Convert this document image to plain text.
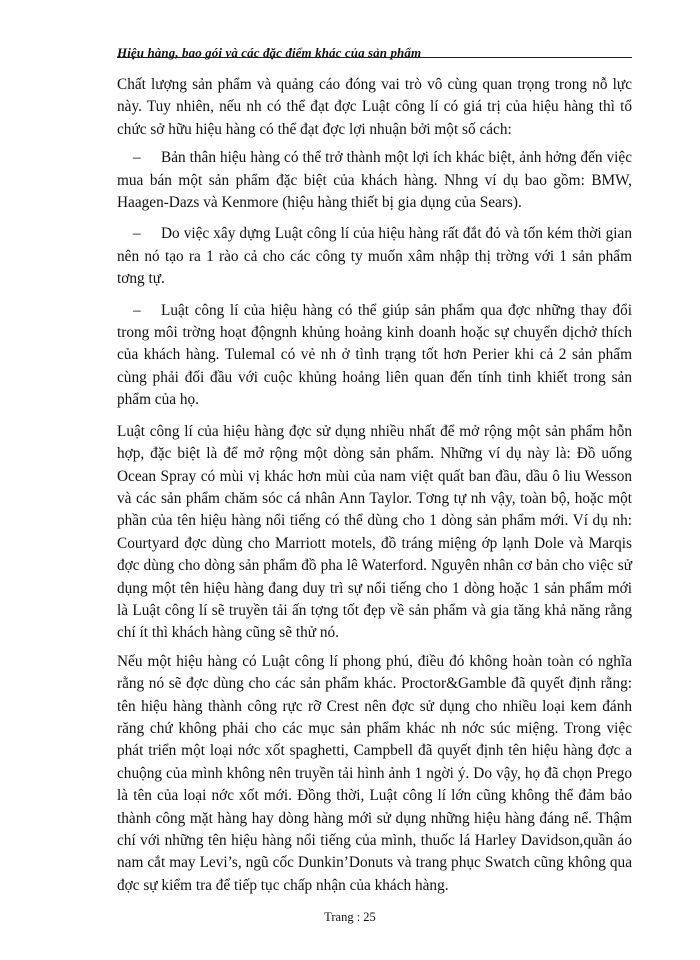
Hiệu hàng, bao gói và các đặc điểm khác của sản phẩm

Chất lượng sản phẩm và quảng cáo đóng vai trò vô cùng quan trọng trong nỗ lực này. Tuy nhiên, nếu nh có thể đạt đợc Luật công lí có giá trị của hiệu hàng thì tổ chức sở hữu hiệu hàng có thể đạt đợc lợi nhuận bởi một số cách:

– Bản thân hiệu hàng có thể trở thành một lợi ích khác biệt, ảnh hởng đến việc mua bán một sản phẩm đặc biệt của khách hàng. Nhng ví dụ bao gồm: BMW, Haagen-Dazs và Kenmore (hiệu hàng thiết bị gia dụng của Sears).

– Do việc xây dựng Luật công lí của hiệu hàng rất đắt đỏ và tốn kém thời gian nên nó tạo ra 1 rào cả cho các công ty muốn xâm nhập thị trờng với 1 sản phẩm tơng tự.

– Luật công lí của hiệu hàng có thể giúp sản phẩm qua đợc những thay đổi trong môi trờng hoạt độngnh khủng hoảng kinh doanh hoặc sự chuyển dịchở thích của khách hàng. Tulemal có vẻ nh ở tình trạng tốt hơn Perier khi cả 2 sản phẩm cùng phải đối đầu với cuộc khủng hoảng liên quan đến tính tinh khiết trong sản phẩm của họ.

Luật công lí của hiệu hàng đợc sử dụng nhiều nhất để mở rộng một sản phẩm hỗn hợp, đặc biệt là để mở rộng một dòng sản phẩm. Những ví dụ này là: Đồ uống Ocean Spray có mùi vị khác hơn mùi của nam việt quất ban đầu, dầu ô liu Wesson và các sản phẩm chăm sóc cá nhân Ann Taylor. Tơng tự nh vậy, toàn bộ, hoặc một phần của tên hiệu hàng nổi tiếng có thể dùng cho 1 dòng sản phẩm mới. Ví dụ nh: Courtyard đợc dùng cho Marriott motels, đồ tráng miệng ớp lạnh Dole và Marqis đợc dùng cho dòng sản phẩm đồ pha lê Waterford. Nguyên nhân cơ bản cho việc sử dụng một tên hiệu hàng đang duy trì sự nổi tiếng cho 1 dòng hoặc 1 sản phẩm mới là Luật công lí sẽ truyền tải ấn tợng tốt đẹp về sản phẩm và gia tăng khả năng rằng chí ít thì khách hàng cũng sẽ thử nó.

Nếu một hiệu hàng có Luật công lí phong phú, điều đó không hoàn toàn có nghĩa rằng nó sẽ đợc dùng cho các sản phẩm khác. Proctor&Gamble đã quyết định rằng: tên hiệu hàng thành công rực rỡ Crest nên đợc sử dụng cho nhiều loại kem đánh răng chứ không phải cho các mục sản phẩm khác nh nớc súc miệng. Trong việc phát triển một loại nớc xốt spaghetti, Campbell đã quyết định tên hiệu hàng đợc a chuộng của mình không nên truyền tải hình ảnh 1 ngời ý. Do vậy, họ đã chọn Prego là tên của loại nớc xốt mới. Đồng thời, Luật công lí lớn cũng không thể đảm bảo thành công mặt hàng hay dòng hàng mới sử dụng những hiệu hàng đáng nể. Thậm chí với những tên hiệu hàng nổi tiếng của mình, thuốc lá Harley Davidson,quần áo nam cắt may Levi’s, ngũ cốc Dunkin’Donuts và trang phục Swatch cũng không qua đợc sự kiểm tra để tiếp tục chấp nhận của khách hàng.

Trang : 25
